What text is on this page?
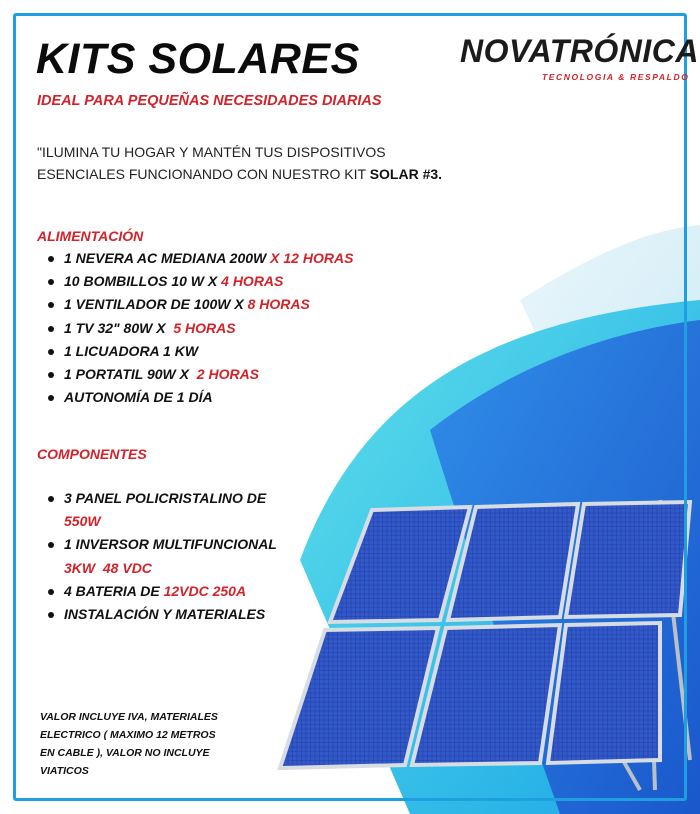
KITS SOLARES

IDEAL PARA PEQUEÑAS NECESIDADES DIARIAS

NOVATRÓNICA
TECNOLOGIA & RESPALDO

"ILUMINA TU HOGAR Y MANTÉN TUS DISPOSITIVOS
ESENCIALES FUNCIONANDO CON NUESTRO KIT SOLAR #3.

ALIMENTACIÓN

1 NEVERA AC MEDIANA 200W X 12 HORAS
10 BOMBILLOS 10 W X 4 HORAS
1 VENTILADOR DE 100W X 8 HORAS
1 TV 32" 80W X  5 HORAS
1 LICUADORA 1 KW
1 PORTATIL 90W X  2 HORAS
AUTONOMÍA DE 1 DÍA

COMPONENTES

3 PANEL POLICRISTALINO DE
550W
1 INVERSOR MULTIFUNCIONAL
3KW  48 VDC
4 BATERIA DE 12VDC 250A
INSTALACIÓN Y MATERIALES

VALOR INCLUYE IVA, MATERIALES
ELECTRICO ( MAXIMO 12 METROS
EN CABLE ), VALOR NO INCLUYE
VIATICOS
